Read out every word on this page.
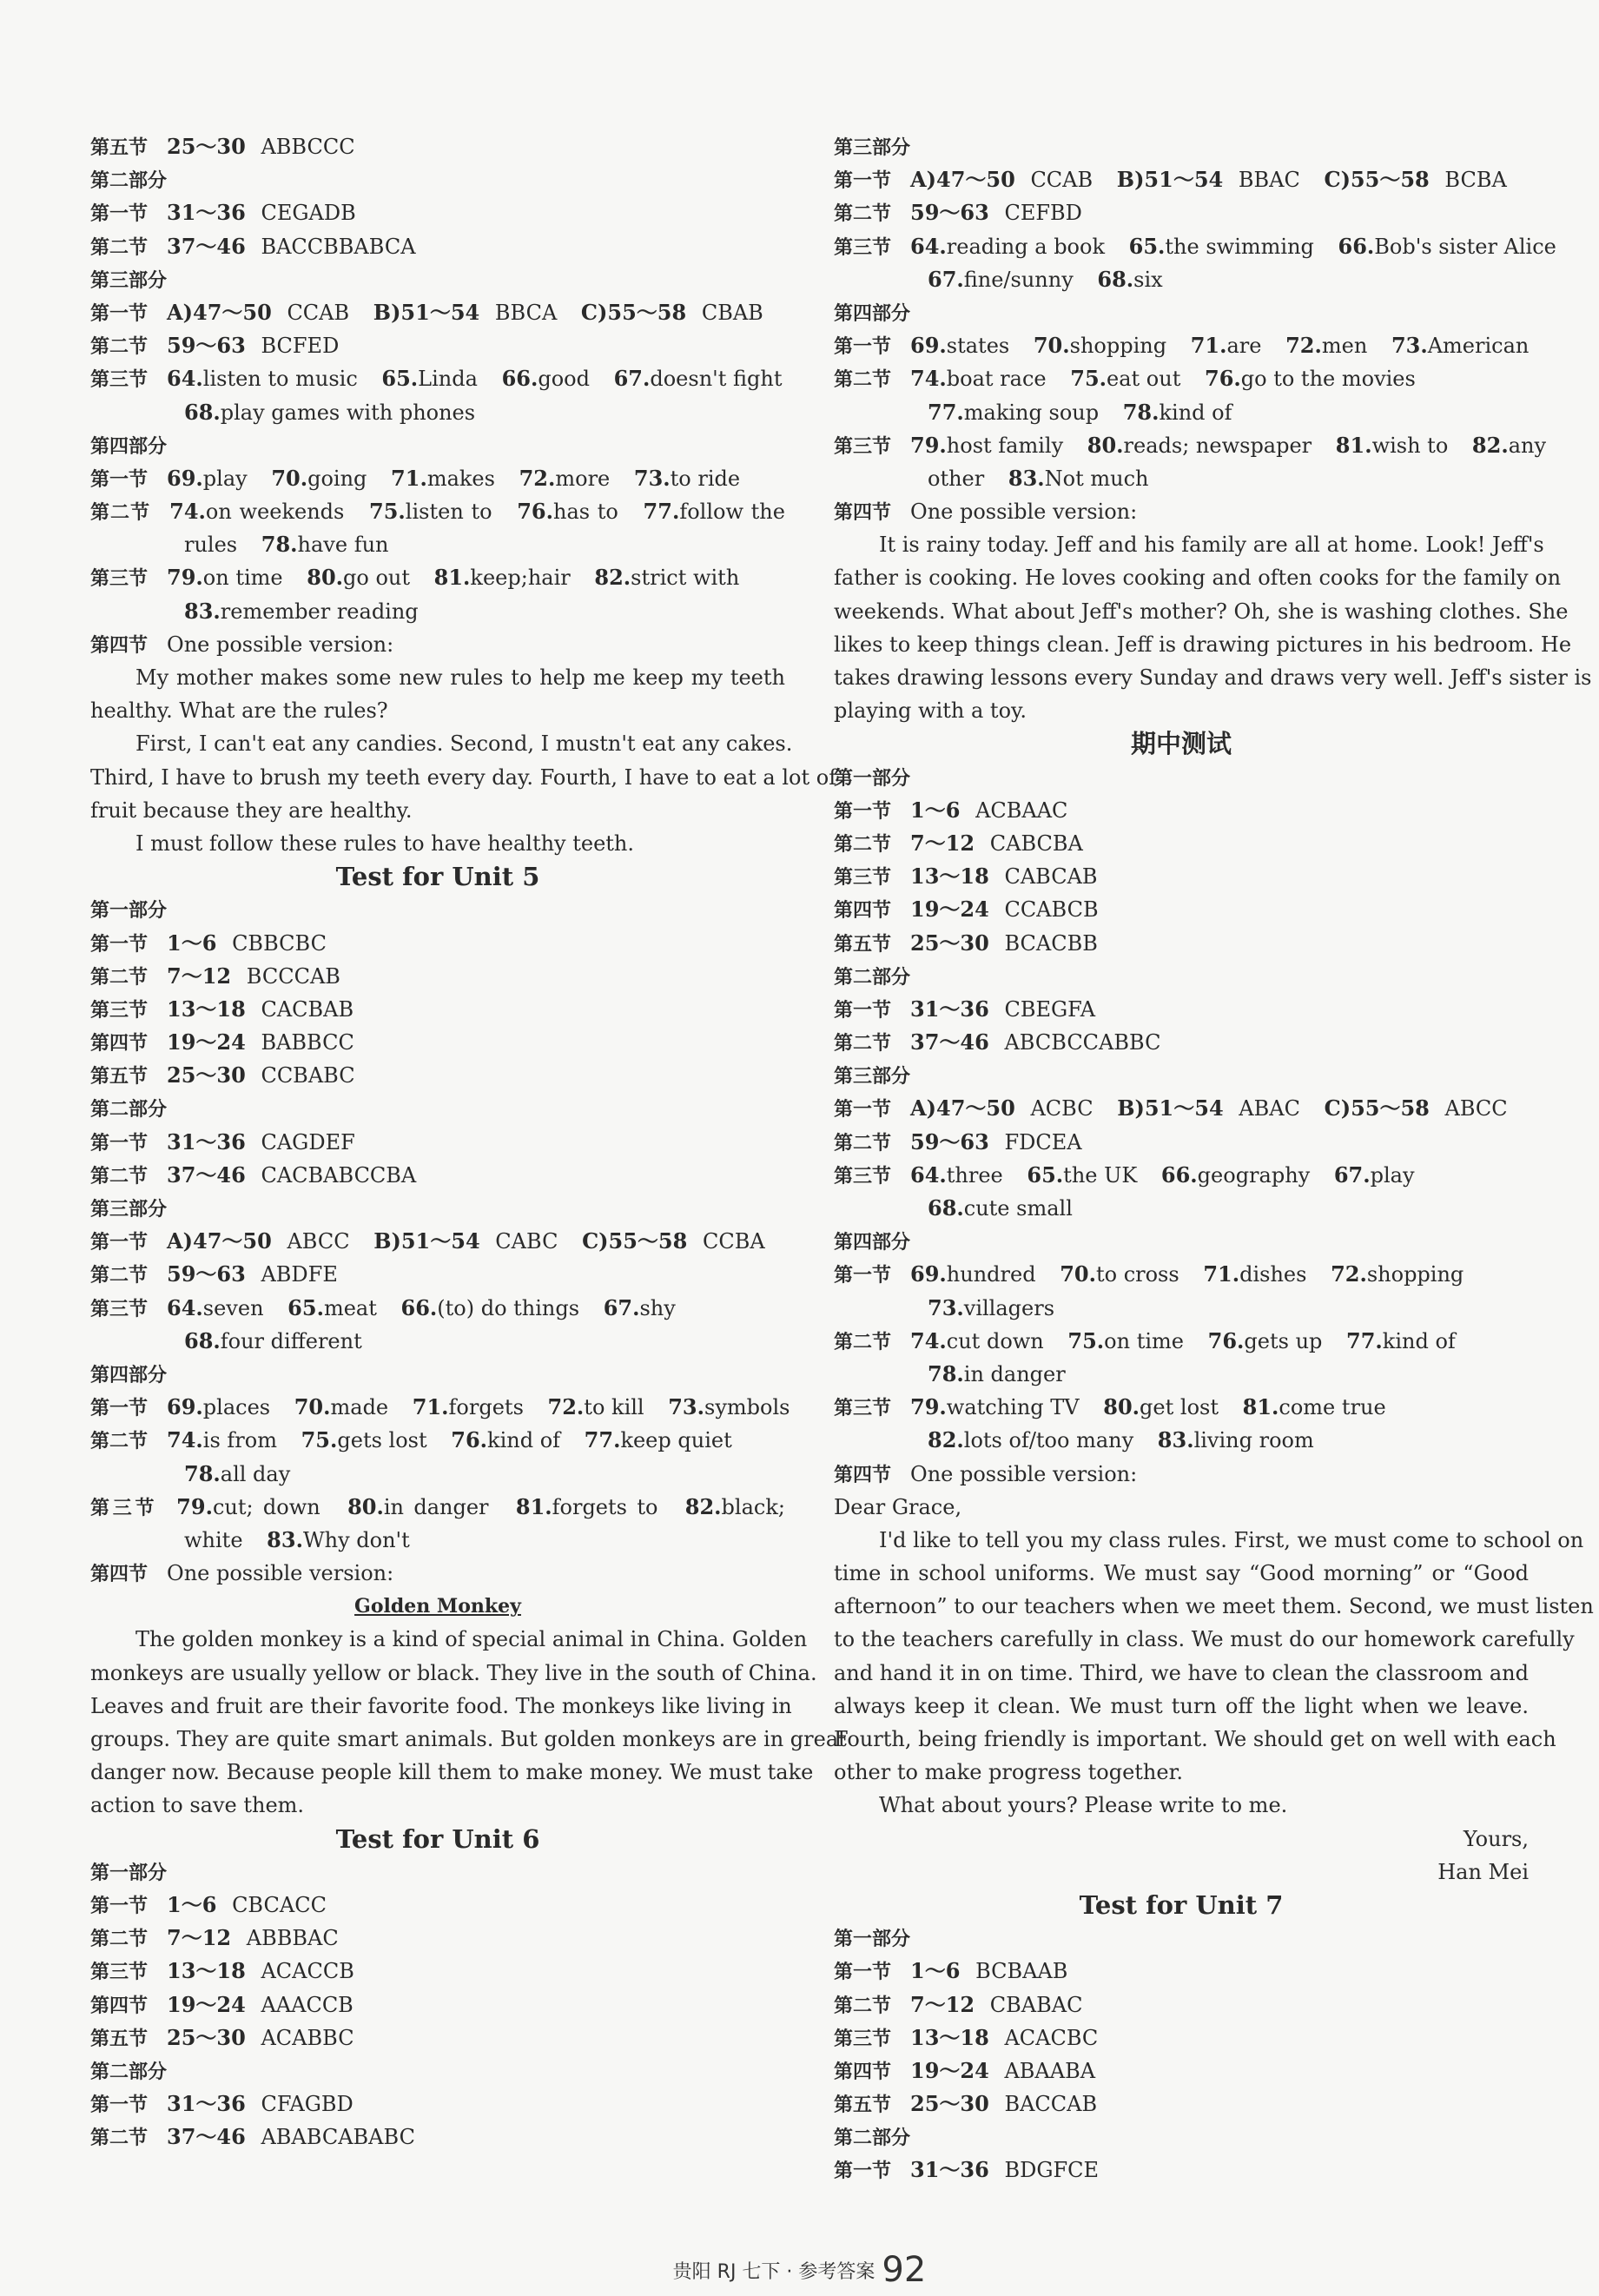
第五节 25～30 ABBCCC
第二部分
第一节 31～36 CEGADB
第二节 37～46 BACCBBABCA
第三部分
第一节 A)47～50 CCAB B)51～54 BBCA C)55～58 CBAB
第二节 59～63 BCFED
第三节 64.listen to music 65.Linda 66.good 67.doesn't fight
68.play games with phones
第四部分
第一节 69.play 70.going 71.makes 72.more 73.to ride
第二节 74.on weekends 75.listen to 76.has to 77.follow the
rules 78.have fun
第三节 79.on time 80.go out 81.keep;hair 82.strict with
83.remember reading
第四节 One possible version:
My mother makes some new rules to help me keep my teeth
healthy. What are the rules?
First, I can't eat any candies. Second, I mustn't eat any cakes.
Third, I have to brush my teeth every day. Fourth, I have to eat a lot of
fruit because they are healthy.
I must follow these rules to have healthy teeth.
Test for Unit 5
第一部分
第一节 1～6 CBBCBC
第二节 7～12 BCCCAB
第三节 13～18 CACBAB
第四节 19～24 BABBCC
第五节 25～30 CCBABC
第二部分
第一节 31～36 CAGDEF
第二节 37～46 CACBABCCBA
第三部分
第一节 A)47～50 ABCC B)51～54 CABC C)55～58 CCBA
第二节 59～63 ABDFE
第三节 64.seven 65.meat 66.(to) do things 67.shy
68.four different
第四部分
第一节 69.places 70.made 71.forgets 72.to kill 73.symbols
第二节 74.is from 75.gets lost 76.kind of 77.keep quiet
78.all day
第三节 79.cut; down 80.in danger 81.forgets to 82.black;
white 83.Why don't
第四节 One possible version:
Golden Monkey
The golden monkey is a kind of special animal in China. Golden
monkeys are usually yellow or black. They live in the south of China.
Leaves and fruit are their favorite food. The monkeys like living in
groups. They are quite smart animals. But golden monkeys are in great
danger now. Because people kill them to make money. We must take
action to save them.
Test for Unit 6
第一部分
第一节 1～6 CBCACC
第二节 7～12 ABBBAC
第三节 13～18 ACACCB
第四节 19～24 AAACCB
第五节 25～30 ACABBC
第二部分
第一节 31～36 CFAGBD
第二节 37～46 ABABCABABC
第三部分
第一节 A)47～50 CCAB B)51～54 BBAC C)55～58 BCBA
第二节 59～63 CEFBD
第三节 64.reading a book 65.the swimming 66.Bob's sister Alice
67.fine/sunny 68.six
第四部分
第一节 69.states 70.shopping 71.are 72.men 73.American
第二节 74.boat race 75.eat out 76.go to the movies
77.making soup 78.kind of
第三节 79.host family 80.reads; newspaper 81.wish to 82.any
other 83.Not much
第四节 One possible version:
It is rainy today. Jeff and his family are all at home. Look! Jeff's
father is cooking. He loves cooking and often cooks for the family on
weekends. What about Jeff's mother? Oh, she is washing clothes. She
likes to keep things clean. Jeff is drawing pictures in his bedroom. He
takes drawing lessons every Sunday and draws very well. Jeff's sister is
playing with a toy.
期中测试
第一部分
第一节 1～6 ACBAAC
第二节 7～12 CABCBA
第三节 13～18 CABCAB
第四节 19～24 CCABCB
第五节 25～30 BCACBB
第二部分
第一节 31～36 CBEGFA
第二节 37～46 ABCBCCABBC
第三部分
第一节 A)47～50 ACBC B)51～54 ABAC C)55～58 ABCC
第二节 59～63 FDCEA
第三节 64.three 65.the UK 66.geography 67.play
68.cute small
第四部分
第一节 69.hundred 70.to cross 71.dishes 72.shopping
73.villagers
第二节 74.cut down 75.on time 76.gets up 77.kind of
78.in danger
第三节 79.watching TV 80.get lost 81.come true
82.lots of/too many 83.living room
第四节 One possible version:
Dear Grace,
I'd like to tell you my class rules. First, we must come to school on
time in school uniforms. We must say “Good morning” or “Good
afternoon” to our teachers when we meet them. Second, we must listen
to the teachers carefully in class. We must do our homework carefully
and hand it in on time. Third, we have to clean the classroom and
always keep it clean. We must turn off the light when we leave.
Fourth, being friendly is important. We should get on well with each
other to make progress together.
What about yours? Please write to me.
Yours,
Han Mei
Test for Unit 7
第一部分
第一节 1～6 BCBAAB
第二节 7～12 CBABAC
第三节 13～18 ACACBC
第四节 19～24 ABAABA
第五节 25～30 BACCAB
第二部分
第一节 31～36 BDGFCE
贵阳 RJ 七下 · 参考答案 92
